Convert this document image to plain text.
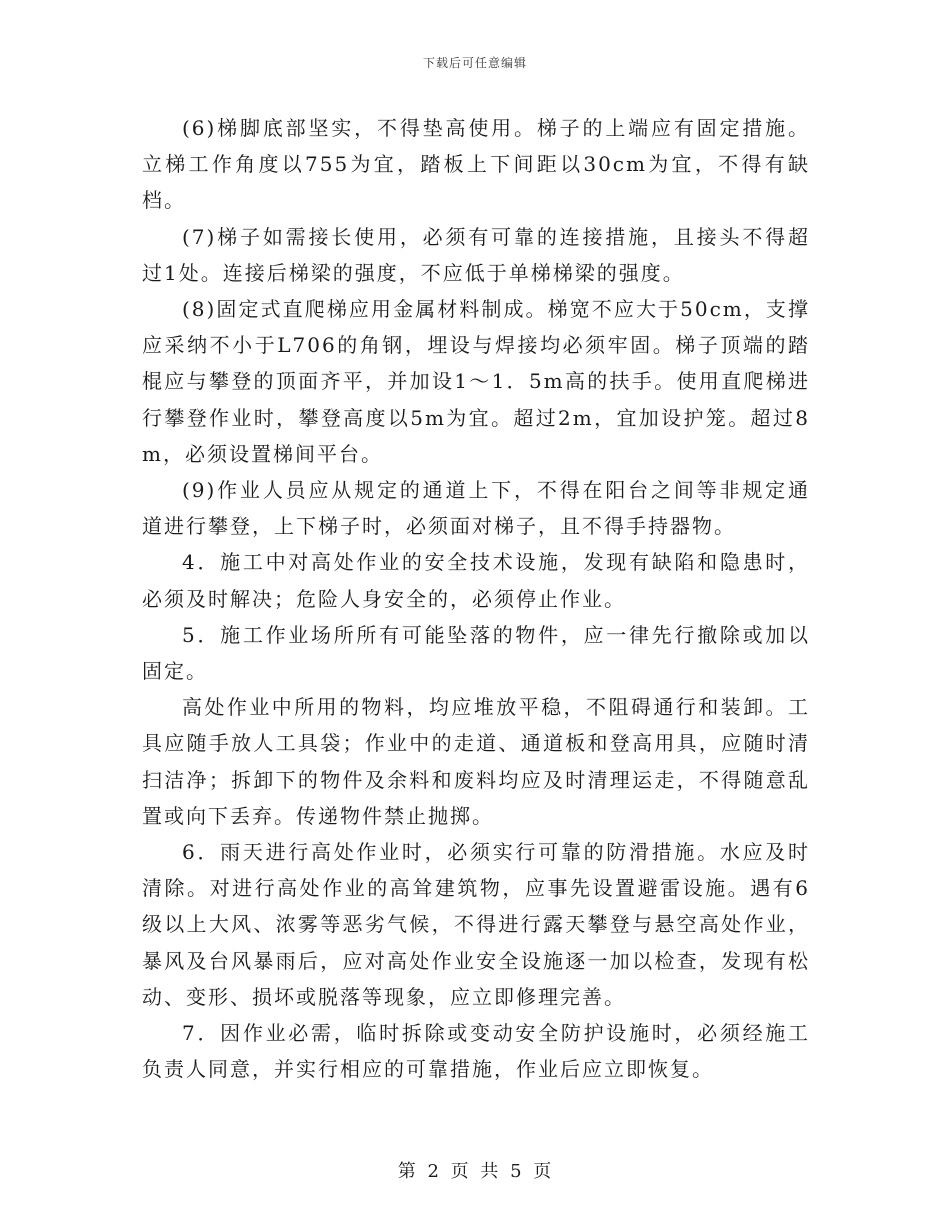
下载后可任意编辑

(6)梯脚底部坚实，不得垫高使用。梯子的上端应有固定措施。立梯工作角度以755为宜，踏板上下间距以30cm为宜，不得有缺档。

(7)梯子如需接长使用，必须有可靠的连接措施，且接头不得超过1处。连接后梯梁的强度，不应低于单梯梯梁的强度。

(8)固定式直爬梯应用金属材料制成。梯宽不应大于50cm，支撑应采纳不小于L706的角钢，埋设与焊接均必须牢固。梯子顶端的踏棍应与攀登的顶面齐平，并加设1～1．5m高的扶手。使用直爬梯进行攀登作业时，攀登高度以5m为宜。超过2m，宜加设护笼。超过8m，必须设置梯间平台。

(9)作业人员应从规定的通道上下，不得在阳台之间等非规定通道进行攀登，上下梯子时，必须面对梯子，且不得手持器物。

4．施工中对高处作业的安全技术设施，发现有缺陷和隐患时，必须及时解决；危险人身安全的，必须停止作业。

5．施工作业场所所有可能坠落的物件，应一律先行撤除或加以固定。

高处作业中所用的物料，均应堆放平稳，不阻碍通行和装卸。工具应随手放人工具袋；作业中的走道、通道板和登高用具，应随时清扫洁净；拆卸下的物件及余料和废料均应及时清理运走，不得随意乱置或向下丢弃。传递物件禁止抛掷。

6．雨天进行高处作业时，必须实行可靠的防滑措施。水应及时清除。对进行高处作业的高耸建筑物，应事先设置避雷设施。遇有6级以上大风、浓雾等恶劣气候，不得进行露天攀登与悬空高处作业，暴风及台风暴雨后，应对高处作业安全设施逐一加以检查，发现有松动、变形、损坏或脱落等现象，应立即修理完善。

7．因作业必需，临时拆除或变动安全防护设施时，必须经施工负责人同意，并实行相应的可靠措施，作业后应立即恢复。

第 2 页 共 5 页
